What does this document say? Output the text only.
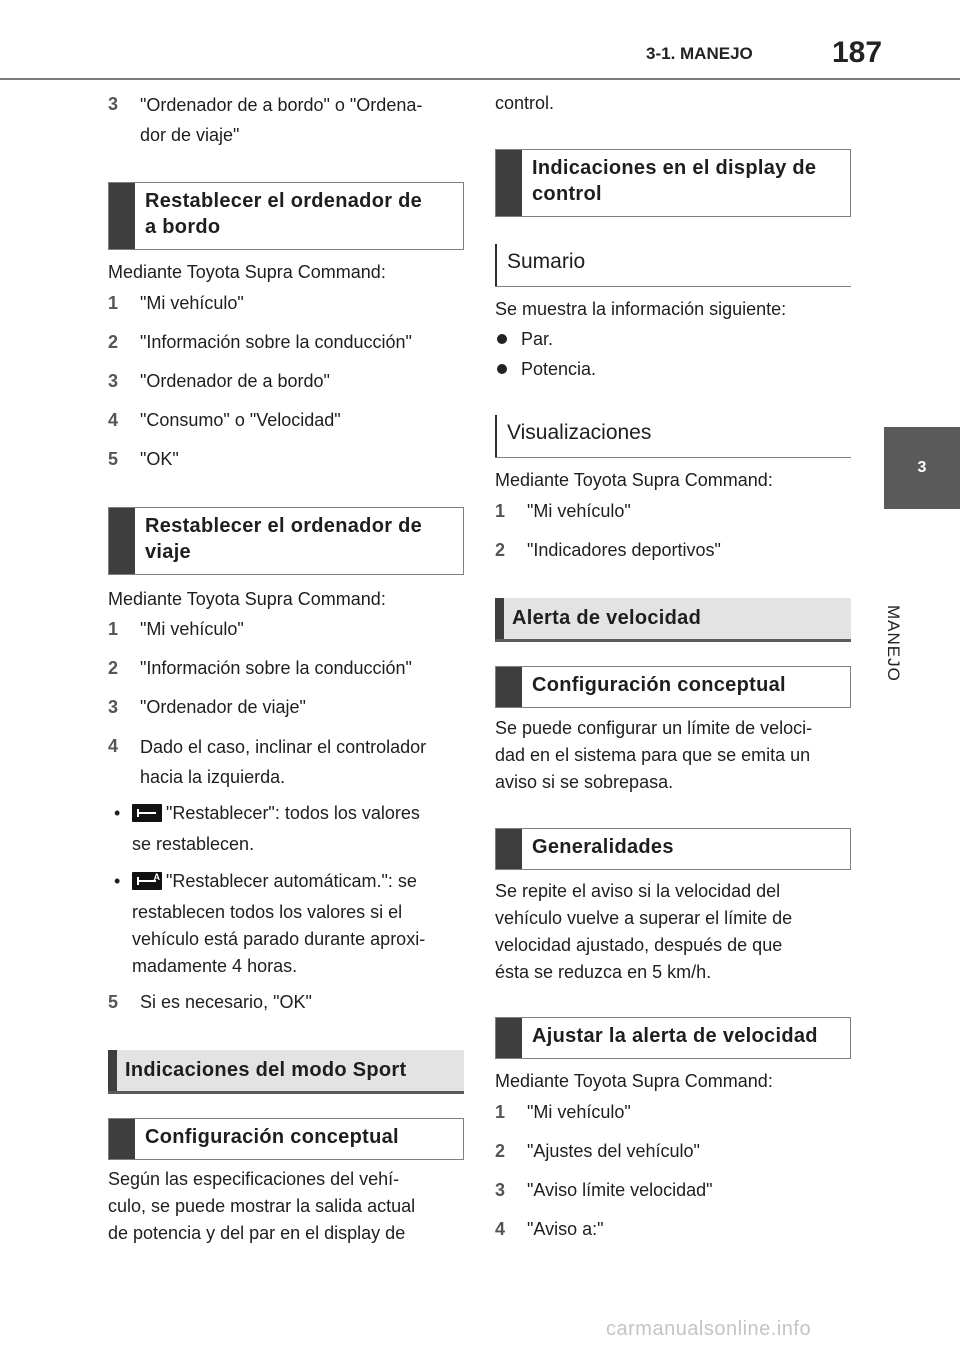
3-1. MANEJO	187
3
MANEJO
3	"Ordenador de a bordo" o "Ordena-
dor de viaje"
Restablecer el ordenador de
a bordo
Mediante Toyota Supra Command:
1	"Mi vehículo"
2	"Información sobre la conducción"
3	"Ordenador de a bordo"
4	"Consumo" o "Velocidad"
5	"OK"
Restablecer el ordenador de
viaje
Mediante Toyota Supra Command:
1	"Mi vehículo"
2	"Información sobre la conducción"
3	"Ordenador de viaje"
4	Dado el caso, inclinar el controlador
hacia la izquierda.
•	"Restablecer": todos los valores
se restablecen.
•	A "Restablecer automáticam.": se
restablecen todos los valores si el
vehículo está parado durante aproxi-
madamente 4 horas.
5	Si es necesario, "OK"
Indicaciones del modo Sport
Configuración conceptual
Según las especificaciones del vehí-
culo, se puede mostrar la salida actual
de potencia y del par en el display de
control.
Indicaciones en el display de
control
Sumario
Se muestra la información siguiente:
Par.
Potencia.
Visualizaciones
Mediante Toyota Supra Command:
1	"Mi vehículo"
2	"Indicadores deportivos"
Alerta de velocidad
Configuración conceptual
Se puede configurar un límite de veloci-
dad en el sistema para que se emita un
aviso si se sobrepasa.
Generalidades
Se repite el aviso si la velocidad del
vehículo vuelve a superar el límite de
velocidad ajustado, después de que
ésta se reduzca en 5 km/h.
Ajustar la alerta de velocidad
Mediante Toyota Supra Command:
1	"Mi vehículo"
2	"Ajustes del vehículo"
3	"Aviso límite velocidad"
4	"Aviso a:"
carmanualsonline.info
